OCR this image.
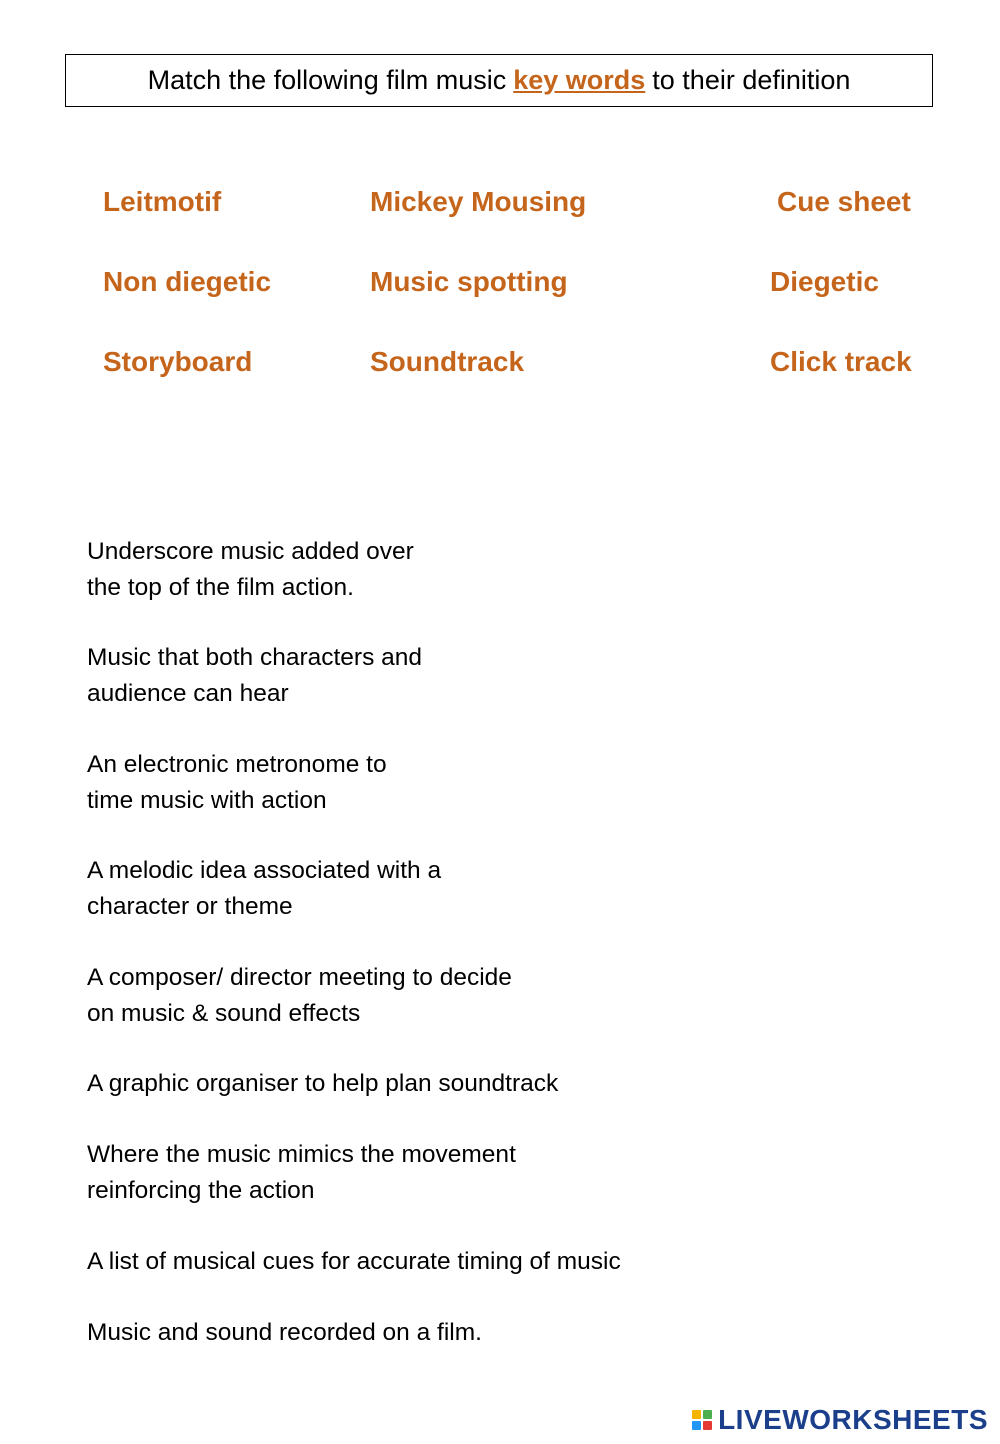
Match the following film music key words to their definition
Leitmotif	Mickey Mousing	Cue sheet
Non diegetic	Music spotting	Diegetic
Storyboard	Soundtrack	Click track
Underscore music added over
the top of the film action.
Music that both characters and
audience can hear
An electronic metronome to
time music with action
A melodic idea associated with a
character or theme
A composer/ director meeting to decide
on music & sound effects
A graphic organiser to help plan soundtrack
Where the music mimics the movement
reinforcing the action
A list of musical cues for accurate timing of music
Music and sound recorded on a film.
LIVEWORKSHEETS
